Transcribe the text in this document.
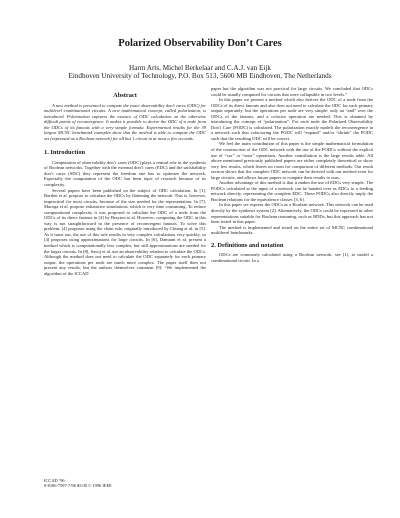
Polarized Observability Don’t Cares
Harm Arts, Michel Berkelaar and C.A.J. van Eijk
Eindhoven University of Technology, P.O. Box 513, 5600 MB Eindhoven, The Netherlands
Abstract

A new method is presented to compute the exact observability don’t cares (ODC) for multilevel combinational circuits. A new mathematical concept, called polarization, is introduced. Polarization captures the essence of ODC calculation on the otherwise difficult points of reconvergence. It makes it possible to derive the ODC of a node from the ODCs of its fanouts with a very simple formula. Experimental results for the 39 largest MCNC benchmark examples show that the method is able to compute the ODC set (expressed as a Boolean network) for all but 1 circuit in at most a few seconds.

1. Introduction

Computation of observability don’t cares (ODC) plays a central role in the synthesis of Boolean networks. Together with the external don’t cares (EDC) and the satisfiability don’t cares (SDC) they represent the freedom one has to optimize the network. Especially the computation of the ODC has been topic of research because of its complexity.

Several papers have been published on the subject of ODC calculation. In [1], Bartlett et al. propose to calculate the ODCs by flattening the network. This is, however, impractical for most circuits, because of the size needed for the representation. In [7], Muroga et al. propose exhaustive simulations, which is very time consuming. To reduce computational complexity it was proposed to calculate the ODC of a node from the ODCs of its direct fanouts in [4] by Brayton et al. However, computing the ODC in this way is not straightforward in the presence of reconvergent fanouts. To solve this problem, [4] proposes using the chain rule, originally introduced by Chiang et al. in [5]. As it turns out, the use of this rule results in very complex calculations very quickly, so [4] proposes using approximations for large circuits. In [6], Damiani et al. present a method which is computationally less complex, but still approximations are needed for the larger circuits. In [8], Savoj et al. use an observability relation to calculate the ODCs. Although the method does not need to calculate the ODC separately for each primary output, the operations per node are much more complex. The paper itself does not present any results, but the authors themselves comment [9]: “We implemented the algorithm of the ICCAD

paper but the algorithm was not practical for large circuits. We concluded that ODCs could be usually computed for circuits that were collapsible in two levels.”

In this paper we present a method which also derives the ODC of a node from the ODCs of its direct fanouts and also does not need to calculate the ODC for each primary output separately, but the operations per node are very simple: only an “and” over the ODCs of the fanouts, and a cofactor operation are needed. This is obtained by introducing the concept of “polarization”. For each node the Polarized Observability Don’t Care (PODC) is calculated. The polarization exactly models the reconvergence in a network such that cofactoring the PODC will “expand” and/or “shrink” the PODC such that the resulting ODC will be correct.

We feel the main contribution of this paper is the simple mathematical formulation of the construction of the ODC network with the use of the PODCs without the explicit use of “xor” or “xnor” operations. Another contribution is the large results table. All above mentioned previously published papers are either completely theoretical or show very few results, which leaves no room for comparison of different methods. Our result section shows that the complete ODC network can be derived with our method even for large circuits, and allows future papers to compare their results to ours.

Another advantage of this method is that it makes the use of EDCs very simple. The PODCs calculated at the input of a network can be handed over as EDCs to a feeding network directly, representing the complete EDC. These PODCs also directly imply the Boolean relations for the equivalence classes [3, 6].

In this paper we express the ODCs as a Boolean network. This network can be used directly by the synthesis system [2]. Alternatively, the ODCs could be expressed in other representations suitable for Boolean reasoning, such as BDDs, but this approach has not been tested in this paper.

The method is implemented and tested on the entire set of MCNC combinational multilevel benchmarks.

2. Definitions and notation

ODCs are commonly calculated using a Boolean network, see [1], to model a combinational circuit. In a

ICCAD ’96
0-8186-7597-7/96 $5.00 © 1996 IEEE
